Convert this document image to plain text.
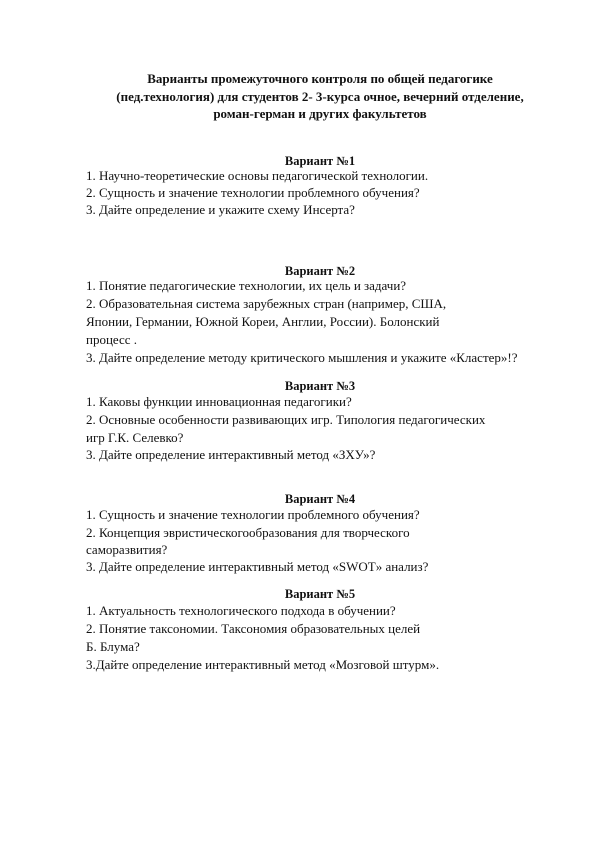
Варианты промежуточного контроля по общей педагогике
(пед.технология) для студентов 2- 3-курса очное, вечерний отделение,
роман-герман и других факультетов
Вариант №1
1. Научно-теоретические основы педагогической технологии.
2. Сущность и значение технологии проблемного обучения?
3. Дайте определение и укажите схему Инсерта?
Вариант №2
1. Понятие педагогические технологии, их цель и задачи?
2. Образовательная система зарубежных стран (например, США,
Японии, Германии, Южной Кореи, Англии, России). Болонский
процесс .
3. Дайте определение методу критического мышления и укажите «Кластер»!?
Вариант №3
1. Каковы функции инновационная педагогики?
2. Основные особенности развивающих игр. Типология педагогических
игр Г.К. Селевко?
3. Дайте определение интерактивный метод «ЗХУ»?
Вариант №4
1. Сущность и значение технологии проблемного обучения?
2. Концепция эвристическогообразования для творческого
саморазвития?
3. Дайте определение интерактивный метод «SWOT» анализ?
Вариант №5
1. Актуальность технологического подхода в обучении?
2. Понятие таксономии. Таксономия образовательных целей
Б. Блума?
3.Дайте определение интерактивный метод «Мозговой штурм».
